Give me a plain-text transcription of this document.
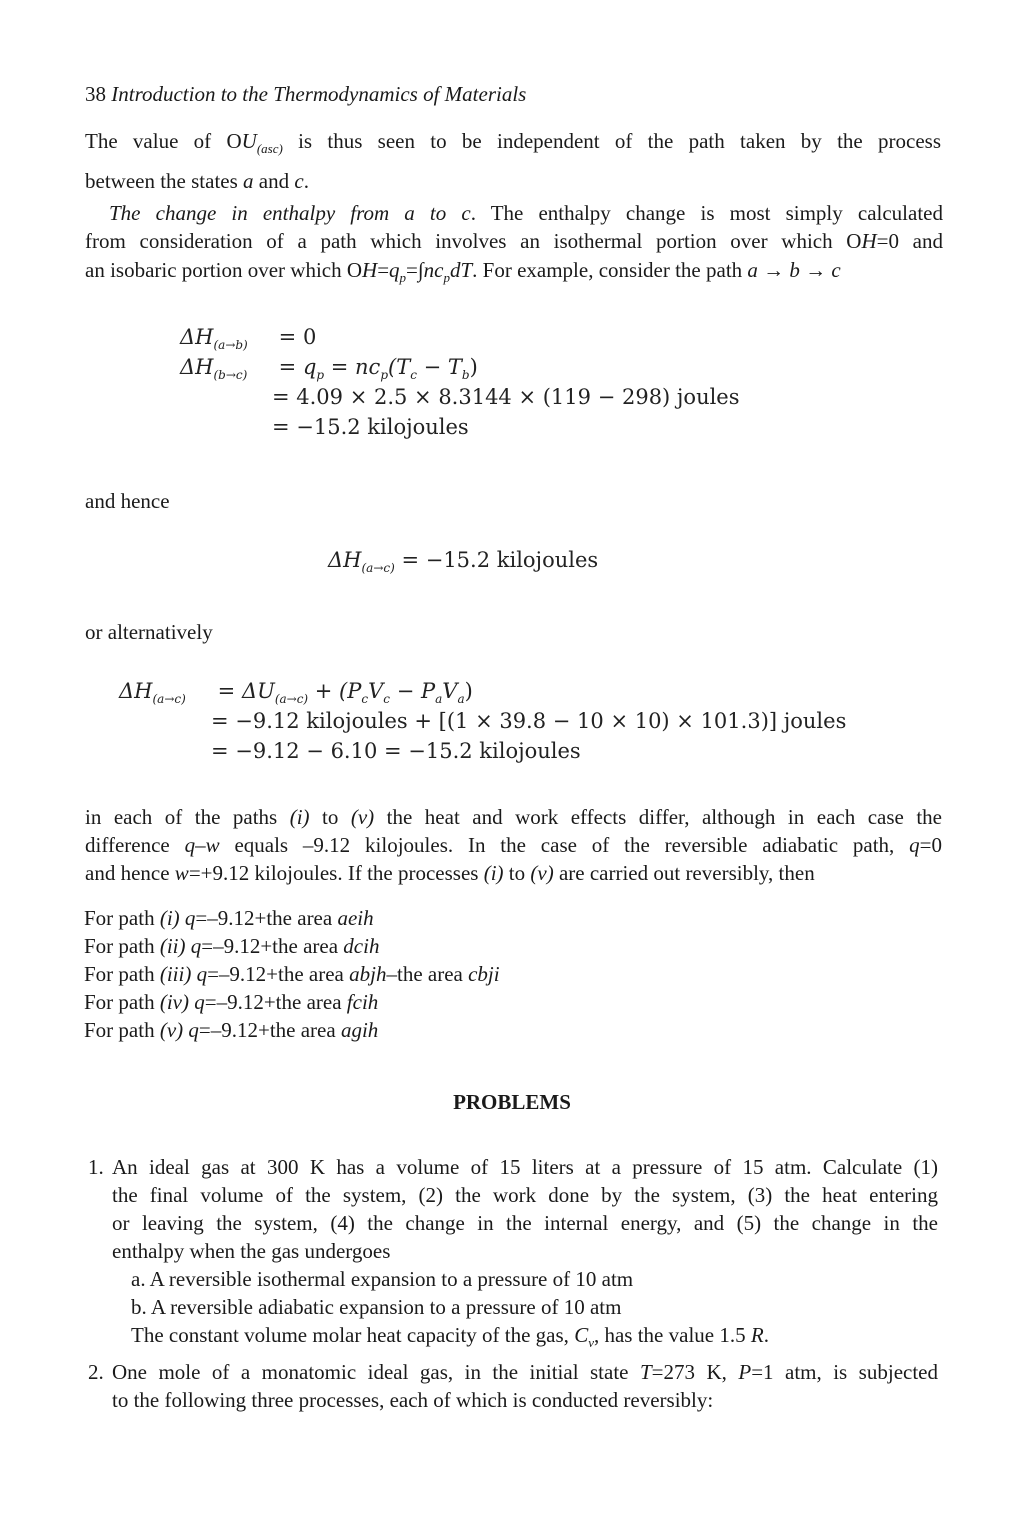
38 Introduction to the Thermodynamics of Materials
The value of $OU_{(asc)}$ is thus seen to be independent of the path taken by the process
between the states a and c.
The change in enthalpy from a to c. The enthalpy change is most simply calculated
from consideration of a path which involves an isothermal portion over which OH=0 and
an isobaric portion over which $OH=q_p=\int nc_pdT$. For example, consider the path a → b → c
$\Delta H_{(a\to b)} = 0$
$\Delta H_{(b\to c)} = q_p = nc_p(T_c - T_b)$
= 4.09 × 2.5 × 8.3144 × (119 − 298) joules
= −15.2 kilojoules
and hence
$\Delta H_{(a\to c)} = -15.2$ kilojoules
or alternatively
$\Delta H_{(a\to c)} = \Delta U_{(a\to c)} + (P_cV_c - P_aV_a)$
= −9.12 kilojoules + [(1 × 39.8 − 10 × 10) × 101.3)] joules
= −9.12 − 6.10 = −15.2 kilojoules
in each of the paths (i) to (v) the heat and work effects differ, although in each case the
difference q–w equals –9.12 kilojoules. In the case of the reversible adiabatic path, q=0
and hence w=+9.12 kilojoules. If the processes (i) to (v) are carried out reversibly, then
For path (i) q=–9.12+the area aeih
For path (ii) q=–9.12+the area dcih
For path (iii) q=–9.12+the area abjh–the area cbji
For path (iv) q=–9.12+the area fcih
For path (v) q=–9.12+the area agih
PROBLEMS
1. An ideal gas at 300 K has a volume of 15 liters at a pressure of 15 atm. Calculate (1)
the final volume of the system, (2) the work done by the system, (3) the heat entering
or leaving the system, (4) the change in the internal energy, and (5) the change in the
enthalpy when the gas undergoes
a. A reversible isothermal expansion to a pressure of 10 atm
b. A reversible adiabatic expansion to a pressure of 10 atm
The constant volume molar heat capacity of the gas, $C_v$, has the value 1.5 R.
2. One mole of a monatomic ideal gas, in the initial state T=273 K, P=1 atm, is subjected
to the following three processes, each of which is conducted reversibly:
